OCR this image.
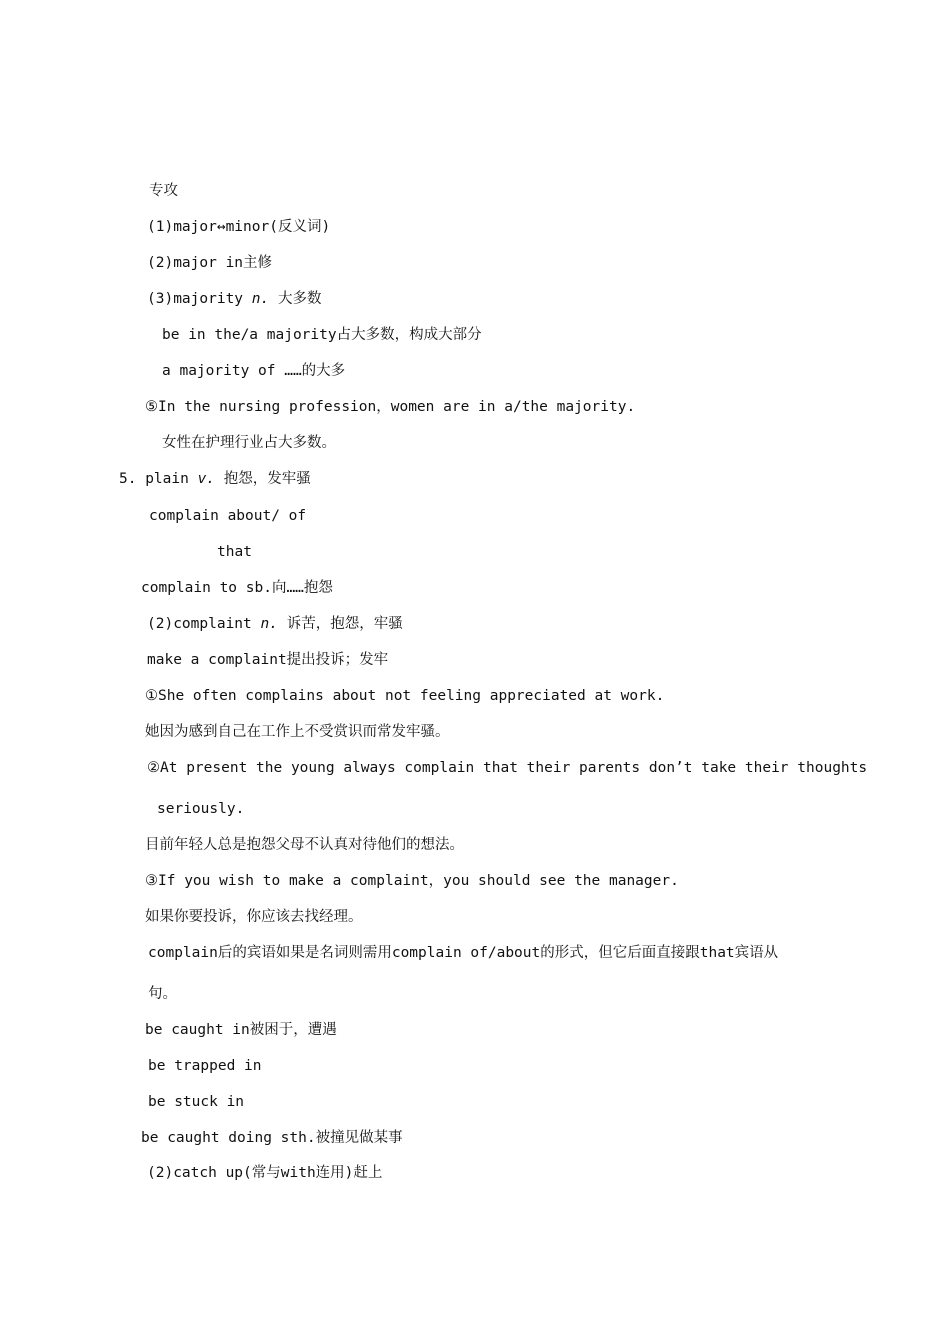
专攻
(1)major↔minor(反义词)
(2)major in主修
(3)majority n. 大多数
be in the/a majority占大多数，构成大部分
a majority of ……的大多
⑤In the nursing profession，women are in a/the majority.
女性在护理行业占大多数。
5. plain v. 抱怨，发牢骚
complain about/ of
that
complain to sb.向……抱怨
(2)complaint n. 诉苦，抱怨，牢骚
make a complaint提出投诉；发牢
①She often complains about not feeling appreciated at work.
她因为感到自己在工作上不受赏识而常发牢骚。
②At present the young always complain that their parents don’t take their thoughts
seriously.
目前年轻人总是抱怨父母不认真对待他们的想法。
③If you wish to make a complaint，you should see the manager.
如果你要投诉，你应该去找经理。
complain后的宾语如果是名词则需用complain of/about的形式，但它后面直接跟that宾语从
句。
be caught in被困于，遭遇
be trapped in
be stuck in
be caught doing sth.被撞见做某事
(2)catch up(常与with连用)赶上
